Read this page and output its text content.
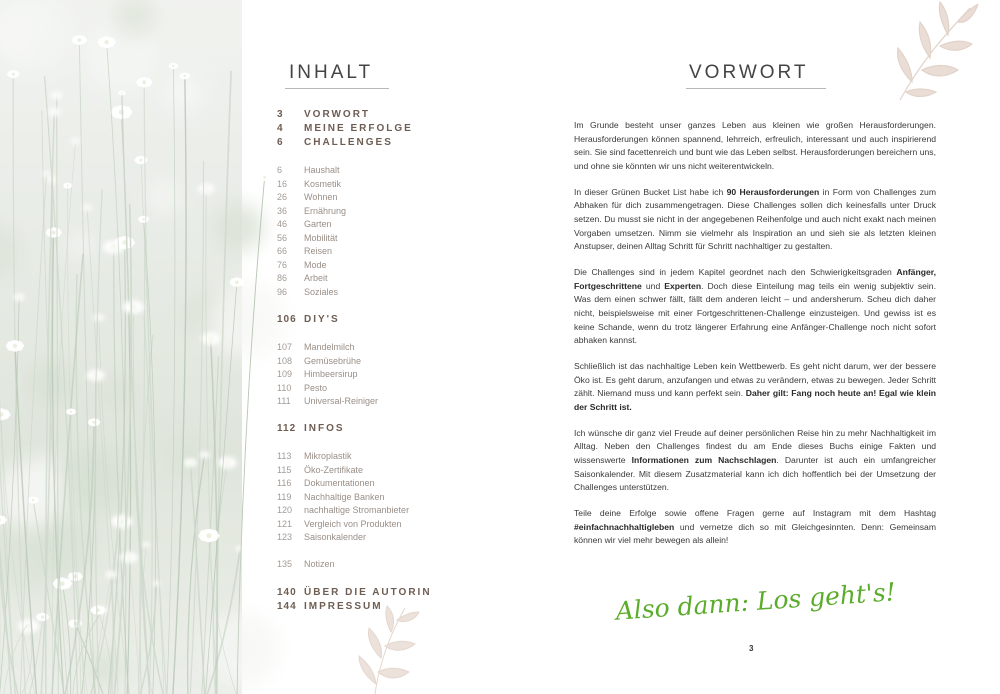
INHALT
3	VORWORT
4	MEINE ERFOLGE
6	CHALLENGES
6	Haushalt
16	Kosmetik
26	Wohnen
36	Ernährung
46	Garten
56	Mobilität
66	Reisen
76	Mode
86	Arbeit
96	Soziales
106 DIY'S
107	Mandelmilch
108	Gemüsebrühe
109	Himbeersirup
110	Pesto
111	Universal-Reiniger
112 INFOS
113	Mikroplastik
115	Öko-Zertifikate
116	Dokumentationen
119	Nachhaltige Banken
120	nachhaltige Stromanbieter
121	Vergleich von Produkten
123	Saisonkalender
135	Notizen
140 ÜBER DIE AUTORIN
144 IMPRESSUM
VORWORT

Im Grunde besteht unser ganzes Leben aus kleinen wie großen Herausforderungen. Herausforderungen können spannend, lehrreich, erfreulich, interessant und auch inspirierend sein. Sie sind facettenreich und bunt wie das Leben selbst. Herausforderungen bereichern uns, und ohne sie könnten wir uns nicht weiterentwickeln.

In dieser Grünen Bucket List habe ich 90 Herausforderungen in Form von Challenges zum Abhaken für dich zusammengetragen. Diese Challenges sollen dich keinesfalls unter Druck setzen. Du musst sie nicht in der angegebenen Reihenfolge und auch nicht exakt nach meinen Vorgaben umsetzen. Nimm sie vielmehr als Inspiration an und sieh sie als letzten kleinen Anstupser, deinen Alltag Schritt für Schritt nachhaltiger zu gestalten.

Die Challenges sind in jedem Kapitel geordnet nach den Schwierigkeitsgraden Anfänger, Fortgeschrittene und Experten. Doch diese Einteilung mag teils ein wenig subjektiv sein. Was dem einen schwer fällt, fällt dem anderen leicht – und andersherum. Scheu dich daher nicht, beispielsweise mit einer Fortgeschrittenen-Challenge einzusteigen. Und gewiss ist es keine Schande, wenn du trotz längerer Erfahrung eine Anfänger-Challenge noch nicht sofort abhaken kannst.

Schließlich ist das nachhaltige Leben kein Wettbewerb. Es geht nicht darum, wer der bessere Öko ist. Es geht darum, anzufangen und etwas zu verändern, etwas zu bewegen. Jeder Schritt zählt. Niemand muss und kann perfekt sein. Daher gilt: Fang noch heute an! Egal wie klein der Schritt ist.

Ich wünsche dir ganz viel Freude auf deiner persönlichen Reise hin zu mehr Nachhaltigkeit im Alltag. Neben den Challenges findest du am Ende dieses Buchs einige Fakten und wissenswerte Informationen zum Nachschlagen. Darunter ist auch ein umfangreicher Saisonkalender. Mit diesem Zusatzmaterial kann ich dich hoffentlich bei der Umsetzung der Challenges unterstützen.

Teile deine Erfolge sowie offene Fragen gerne auf Instagram mit dem Hashtag #einfachnachhaltigleben und vernetze dich so mit Gleichgesinnten. Denn: Gemeinsam können wir viel mehr bewegen als allein!

Also dann: Los geht's!
3
